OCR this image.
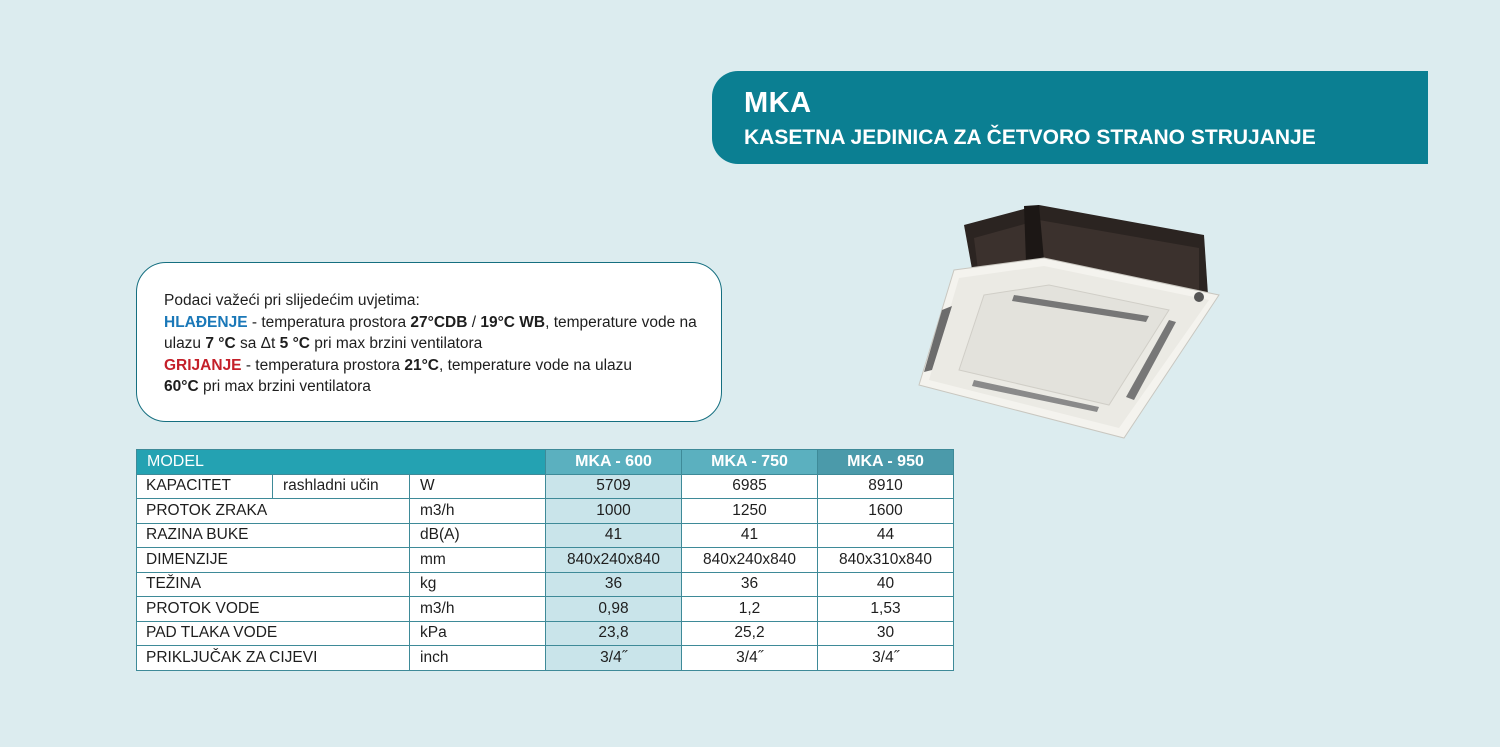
MKA
KASETNA JEDINICA ZA ČETVORO STRANO STRUJANJE
Podaci važeći pri slijedećim uvjetima:
HLAĐENJE - temperatura prostora 27°CDB / 19°C WB, temperature vode na ulazu 7 °C sa Δt 5 °C pri max brzini ventilatora
GRIJANJE - temperatura prostora 21°C, temperature vode na ulazu
60°C pri max brzini ventilatora
MODEL			MKA - 600	MKA - 750	MKA - 950
KAPACITET	rashladni učin	W	5709	6985	8910
PROTOK ZRAKA		m3/h	1000	1250	1600
RAZINA BUKE		dB(A)	41	41	44
DIMENZIJE		mm	840x240x840	840x240x840	840x310x840
TEŽINA		kg	36	36	40
PROTOK VODE		m3/h	0,98	1,2	1,53
PAD TLAKA VODE		kPa	23,8	25,2	30
PRIKLJUČAK ZA CIJEVI		inch	3/4˝	3/4˝	3/4˝
